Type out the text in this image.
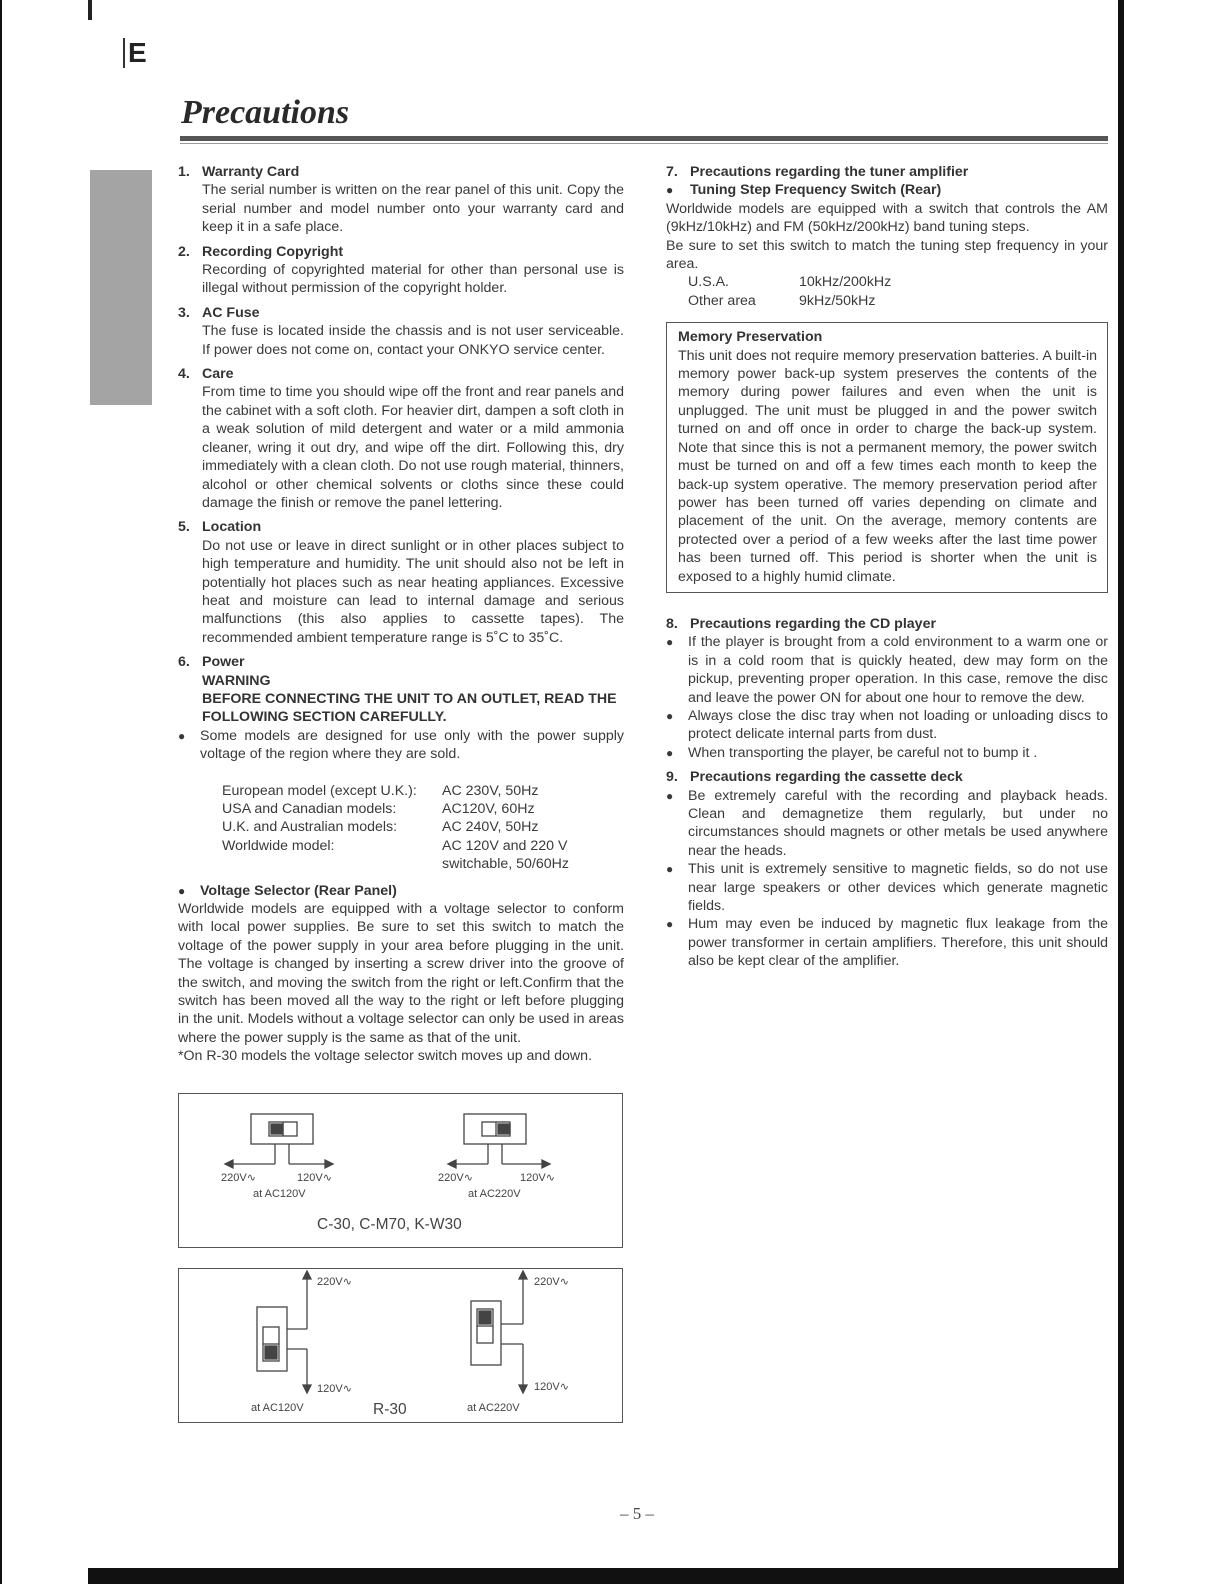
E
Precautions
1. Warranty Card
The serial number is written on the rear panel of this unit. Copy the serial number and model number onto your warranty card and keep it in a safe place.
2. Recording Copyright
Recording of copyrighted material for other than personal use is illegal without permission of the copyright holder.
3. AC Fuse
The fuse is located inside the chassis and is not user serviceable. If power does not come on, contact your ONKYO service center.
4. Care
From time to time you should wipe off the front and rear panels and the cabinet with a soft cloth. For heavier dirt, dampen a soft cloth in a weak solution of mild detergent and water or a mild ammonia cleaner, wring it out dry, and wipe off the dirt. Following this, dry immediately with a clean cloth. Do not use rough material, thinners, alcohol or other chemical solvents or cloths since these could damage the finish or remove the panel lettering.
5. Location
Do not use or leave in direct sunlight or in other places subject to high temperature and humidity. The unit should also not be left in potentially hot places such as near heating appliances. Excessive heat and moisture can lead to internal damage and serious malfunctions (this also applies to cassette tapes). The recommended ambient temperature range is 5˚C to 35˚C.
6. Power
WARNING
BEFORE CONNECTING THE UNIT TO AN OUTLET, READ THE FOLLOWING SECTION CAREFULLY.
●	Some models are designed for use only with the power supply voltage of the region where they are sold.
European model (except U.K.):	AC 230V, 50Hz
USA and Canadian models:	AC120V, 60Hz
U.K. and Australian models:	AC 240V, 50Hz
Worldwide model:	AC 120V and 220 V
	switchable, 50/60Hz
●	Voltage Selector (Rear Panel)
Worldwide models are equipped with a voltage selector to conform with local power supplies. Be sure to set this switch to match the voltage of the power supply in your area before plugging in the unit. The voltage is changed by inserting a screw driver into the groove of the switch, and moving the switch from the right or left.Confirm that the switch has been moved all the way to the right or left before plugging in the unit. Models without a voltage selector can only be used in areas where the power supply is the same as that of the unit.
*On R-30 models the voltage selector switch moves up and down.
220V∿	120V∿
at AC120V
220V∿	120V∿
at AC220V
C-30, C-M70, K-W30
220V∿
120V∿
at AC120V
220V∿
120V∿
at AC220V
R-30
7. Precautions regarding the tuner amplifier
●	Tuning Step Frequency Switch (Rear)
Worldwide models are equipped with a switch that controls the AM (9kHz/10kHz) and FM (50kHz/200kHz) band tuning steps.
Be sure to set this switch to match the tuning step frequency in your area.
U.S.A.	10kHz/200kHz
Other area	9kHz/50kHz
Memory Preservation
This unit does not require memory preservation batteries. A built-in memory power back-up system preserves the contents of the memory during power failures and even when the unit is unplugged. The unit must be plugged in and the power switch turned on and off once in order to charge the back-up system. Note that since this is not a permanent memory, the power switch must be turned on and off a few times each month to keep the back-up system operative. The memory preservation period after power has been turned off varies depending on climate and placement of the unit. On the average, memory contents are protected over a period of a few weeks after the last time power has been turned off. This period is shorter when the unit is exposed to a highly humid climate.
8. Precautions regarding the CD player
●	If the player is brought from a cold environment to a warm one or is in a cold room that is quickly heated, dew may form on the pickup, preventing proper operation. In this case, remove the disc and leave the power ON for about one hour to remove the dew.
●	Always close the disc tray when not loading or unloading discs to protect delicate internal parts from dust.
●	When transporting the player, be careful not to bump it .
9. Precautions regarding the cassette deck
●	Be extremely careful with the recording and playback heads. Clean and demagnetize them regularly, but under no circumstances should magnets or other metals be used anywhere near the heads.
●	This unit is extremely sensitive to magnetic fields, so do not use near large speakers or other devices which generate magnetic fields.
●	Hum may even be induced by magnetic flux leakage from the power transformer in certain amplifiers. Therefore, this unit should also be kept clear of the amplifier.
– 5 –
